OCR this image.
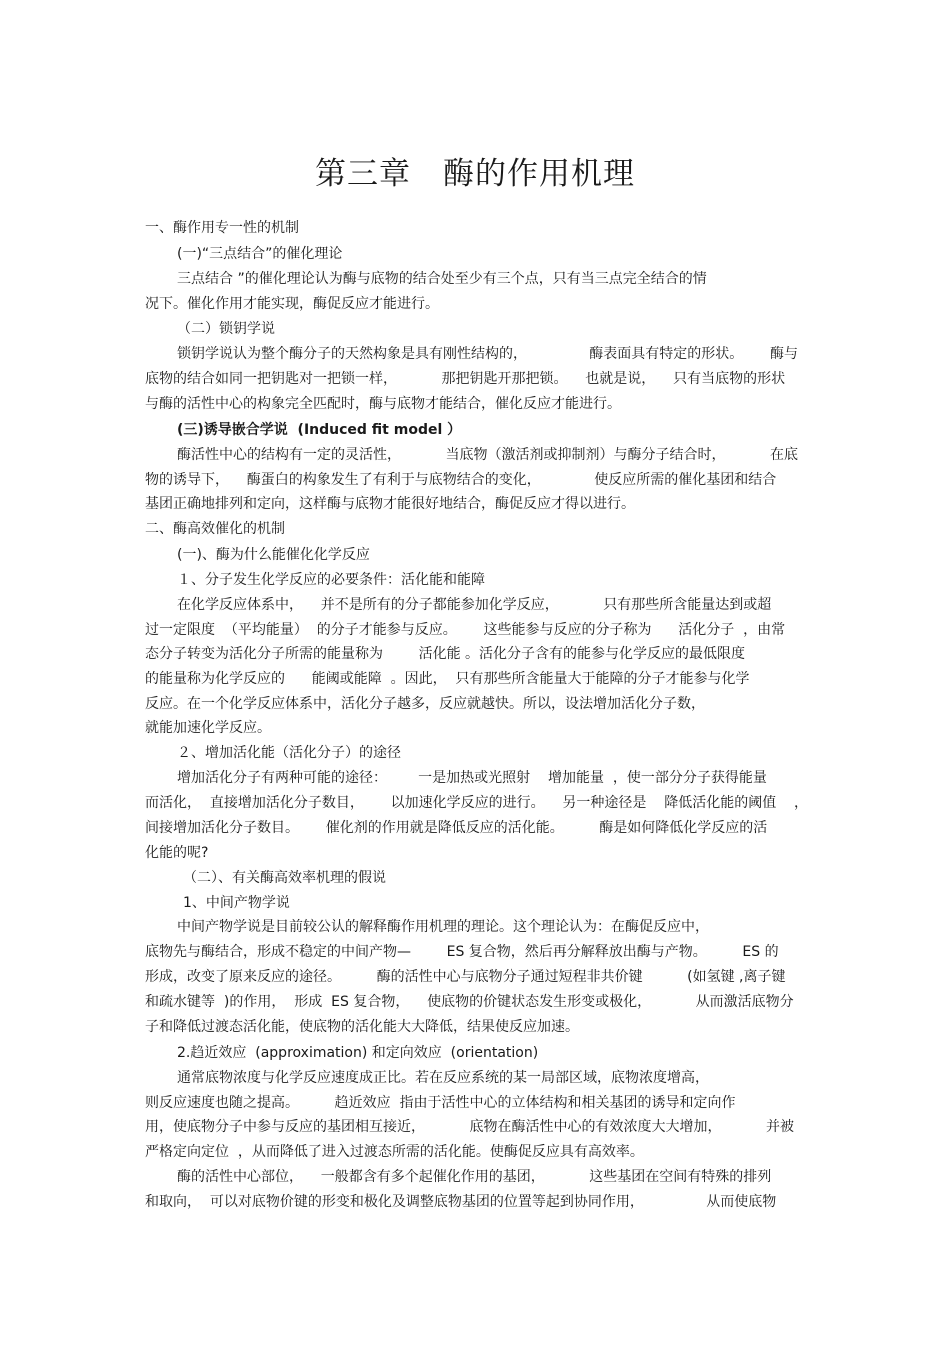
第三章　酶的作用机理
一、酶作用专一性的机制
(一)“三点结合”的催化理论
三点结合 ”的催化理论认为酶与底物的结合处至少有三个点，只有当三点完全结合的情
况下。催化作用才能实现，酶促反应才能进行。
（二）锁钥学说
锁钥学说认为整个酶分子的天然构象是具有刚性结构的，              酶表面具有特定的形状。      酶与
底物的结合如同一把钥匙对一把锁一样，          那把钥匙开那把锁。    也就是说，    只有当底物的形状
与酶的活性中心的构象完全匹配时，酶与底物才能结合，催化反应才能进行。
(三)诱导嵌合学说  (Induced fit model ）
酶活性中心的结构有一定的灵活性，          当底物（激活剂或抑制剂）与酶分子结合时，          在底
物的诱导下，    酶蛋白的构象发生了有利于与底物结合的变化，            使反应所需的催化基团和结合
基团正确地排列和定向，这样酶与底物才能很好地结合，酶促反应才得以进行。
二、酶高效催化的机制
(一)、酶为什么能催化化学反应
１、分子发生化学反应的必要条件：活化能和能障
在化学反应体系中，    并不是所有的分子都能参加化学反应，          只有那些所含能量达到或超
过一定限度  （平均能量）  的分子才能参与反应。      这些能参与反应的分子称为      活化分子  ，由常
态分子转变为活化分子所需的能量称为        活化能 。活化分子含有的能参与化学反应的最低限度
的能量称为化学反应的      能阈或能障  。因此，  只有那些所含能量大于能障的分子才能参与化学
反应。在一个化学反应体系中，活化分子越多，反应就越快。所以，设法增加活化分子数，
就能加速化学反应。
２、增加活化能（活化分子）的途径
增加活化分子有两种可能的途径：       一是加热或光照射    增加能量  ，使一部分分子获得能量
而活化，  直接增加活化分子数目，      以加速化学反应的进行。    另一种途径是    降低活化能的阈值    ，
间接增加活化分子数目。      催化剂的作用就是降低反应的活化能。        酶是如何降低化学反应的活
化能的呢?
（二）、有关酶高效率机理的假说
1、中间产物学说
中间产物学说是目前较公认的解释酶作用机理的理论。这个理论认为：在酶促反应中，
底物先与酶结合，形成不稳定的中间产物—        ES 复合物，然后再分解释放出酶与产物。        ES 的
形成，改变了原来反应的途径。        酶的活性中心与底物分子通过短程非共价键          (如氢键 ,离子键
和疏水键等  )的作用，  形成  ES 复合物，    使底物的价键状态发生形变或极化，          从而激活底物分
子和降低过渡态活化能，使底物的活化能大大降低，结果使反应加速。
2.趋近效应  (approximation) 和定向效应  (orientation)
通常底物浓度与化学反应速度成正比。若在反应系统的某一局部区域，底物浓度增高，
则反应速度也随之提高。        趋近效应  指由于活性中心的立体结构和相关基团的诱导和定向作
用，使底物分子中参与反应的基团相互接近，          底物在酶活性中心的有效浓度大大增加，          并被
严格定向定位  ，从而降低了进入过渡态所需的活化能。使酶促反应具有高效率。
酶的活性中心部位，    一般都含有多个起催化作用的基团，          这些基团在空间有特殊的排列
和取向，  可以对底物价键的形变和极化及调整底物基团的位置等起到协同作用，              从而使底物
